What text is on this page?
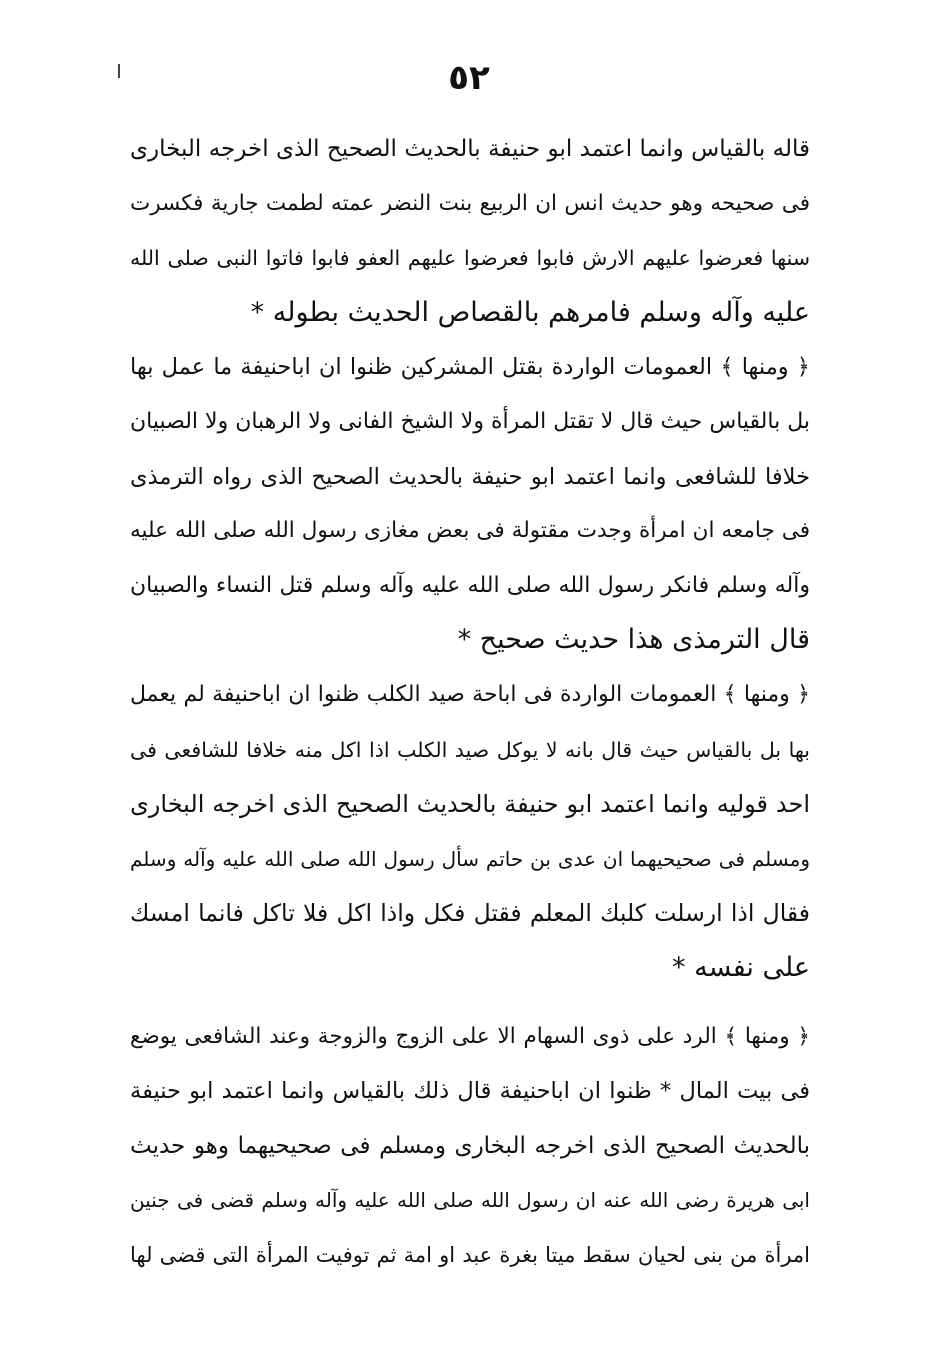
٥٢
قاله بالقياس وانما اعتمد ابو حنيفة بالحديث الصحيح الذى اخرجه البخارى
فى صحيحه وهو حديث انس ان الربيع بنت النضر عمته لطمت جارية فكسرت
سنها فعرضوا عليهم الارش فابوا فعرضوا عليهم العفو فابوا فاتوا النبى صلى الله
عليه وآله وسلم فامرهم بالقصاص الحديث بطوله *
﴿ ومنها ﴾ العمومات الواردة بقتل المشركين ظنوا ان اباحنيفة ما عمل بها
بل بالقياس حيث قال لا تقتل المرأة ولا الشيخ الفانى ولا الرهبان ولا الصبيان
خلافا للشافعى وانما اعتمد ابو حنيفة بالحديث الصحيح الذى رواه الترمذى
فى جامعه ان امرأة وجدت مقتولة فى بعض مغازى رسول الله صلى الله عليه
وآله وسلم فانكر رسول الله صلى الله عليه وآله وسلم قتل النساء والصبيان
قال الترمذى هذا حديث صحيح *
﴿ ومنها ﴾ العمومات الواردة فى اباحة صيد الكلب ظنوا ان اباحنيفة لم يعمل
بها بل بالقياس حيث قال بانه لا يوكل صيد الكلب اذا اكل منه خلافا للشافعى فى
احد قوليه وانما اعتمد ابو حنيفة بالحديث الصحيح الذى اخرجه البخارى
ومسلم فى صحيحيهما ان عدى بن حاتم سأل رسول الله صلى الله عليه وآله وسلم
فقال اذا ارسلت كلبك المعلم فقتل فكل واذا اكل فلا تاكل فانما امسك
على نفسه *
﴿ ومنها ﴾ الرد على ذوى السهام الا على الزوج والزوجة وعند الشافعى يوضع
فى بيت المال * ظنوا ان اباحنيفة قال ذلك بالقياس وانما اعتمد ابو حنيفة
بالحديث الصحيح الذى اخرجه البخارى ومسلم فى صحيحيهما وهو حديث
ابى هريرة رضى الله عنه ان رسول الله صلى الله عليه وآله وسلم قضى فى جنين
امرأة من بنى لحيان سقط ميتا بغرة عبد او امة ثم توفيت المرأة التى قضى لها
